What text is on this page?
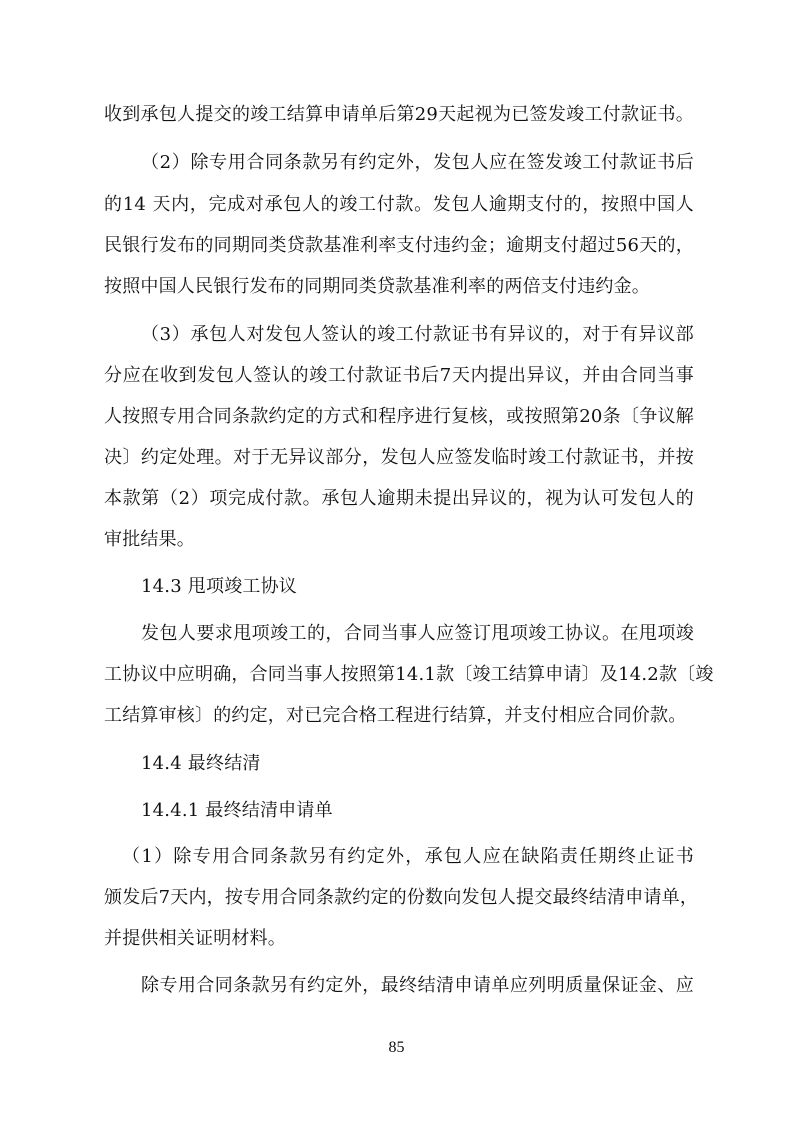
收到承包人提交的竣工结算申请单后第29天起视为已签发竣工付款证书。
（2）除专用合同条款另有约定外，发包人应在签发竣工付款证书后
的14 天内，完成对承包人的竣工付款。发包人逾期支付的，按照中国人
民银行发布的同期同类贷款基准利率支付违约金；逾期支付超过56天的，
按照中国人民银行发布的同期同类贷款基准利率的两倍支付违约金。
（3）承包人对发包人签认的竣工付款证书有异议的，对于有异议部
分应在收到发包人签认的竣工付款证书后7天内提出异议，并由合同当事
人按照专用合同条款约定的方式和程序进行复核，或按照第20条〔争议解
决〕约定处理。对于无异议部分，发包人应签发临时竣工付款证书，并按
本款第（2）项完成付款。承包人逾期未提出异议的，视为认可发包人的
审批结果。
14.3 甩项竣工协议
发包人要求甩项竣工的，合同当事人应签订甩项竣工协议。在甩项竣
工协议中应明确，合同当事人按照第14.1款〔竣工结算申请〕及14.2款〔竣
工结算审核〕的约定，对已完合格工程进行结算，并支付相应合同价款。
14.4 最终结清
14.4.1 最终结清申请单
（1）除专用合同条款另有约定外，承包人应在缺陷责任期终止证书
颁发后7天内，按专用合同条款约定的份数向发包人提交最终结清申请单，
并提供相关证明材料。
除专用合同条款另有约定外，最终结清申请单应列明质量保证金、应
85
